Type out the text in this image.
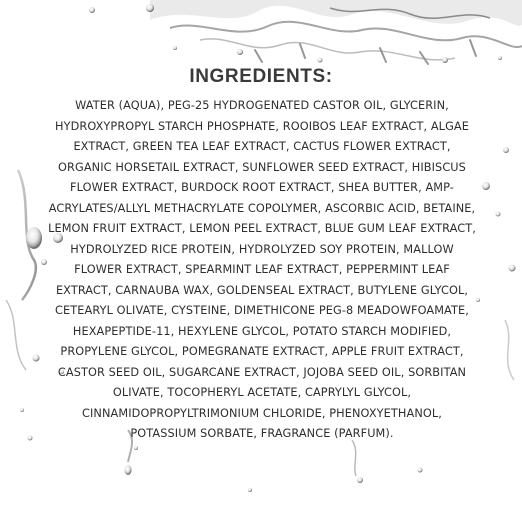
INGREDIENTS:
WATER (AQUA), PEG-25 HYDROGENATED CASTOR OIL, GLYCERIN, HYDROXYPROPYL STARCH PHOSPHATE, ROOIBOS LEAF EXTRACT, ALGAE EXTRACT, GREEN TEA LEAF EXTRACT, CACTUS FLOWER EXTRACT, ORGANIC HORSETAIL EXTRACT, SUNFLOWER SEED EXTRACT, HIBISCUS FLOWER EXTRACT, BURDOCK ROOT EXTRACT, SHEA BUTTER, AMP-ACRYLATES/ALLYL METHACRYLATE COPOLYMER, ASCORBIC ACID, BETAINE, LEMON FRUIT EXTRACT, LEMON PEEL EXTRACT, BLUE GUM LEAF EXTRACT, HYDROLYZED RICE PROTEIN, HYDROLYZED SOY PROTEIN, MALLOW FLOWER EXTRACT, SPEARMINT LEAF EXTRACT, PEPPERMINT LEAF EXTRACT, CARNAUBA WAX, GOLDENSEAL EXTRACT, BUTYLENE GLYCOL, CETEARYL OLIVATE, CYSTEINE, DIMETHICONE PEG-8 MEADOWFOAMATE, HEXAPEPTIDE-11, HEXYLENE GLYCOL, POTATO STARCH MODIFIED, PROPYLENE GLYCOL, POMEGRANATE EXTRACT, APPLE FRUIT EXTRACT, CASTOR SEED OIL, SUGARCANE EXTRACT, JOJOBA SEED OIL, SORBITAN OLIVATE, TOCOPHERYL ACETATE, CAPRYLYL GLYCOL, CINNAMIDOPROPYLTRIMONIUM CHLORIDE, PHENOXYETHANOL, POTASSIUM SORBATE, FRAGRANCE (PARFUM).
